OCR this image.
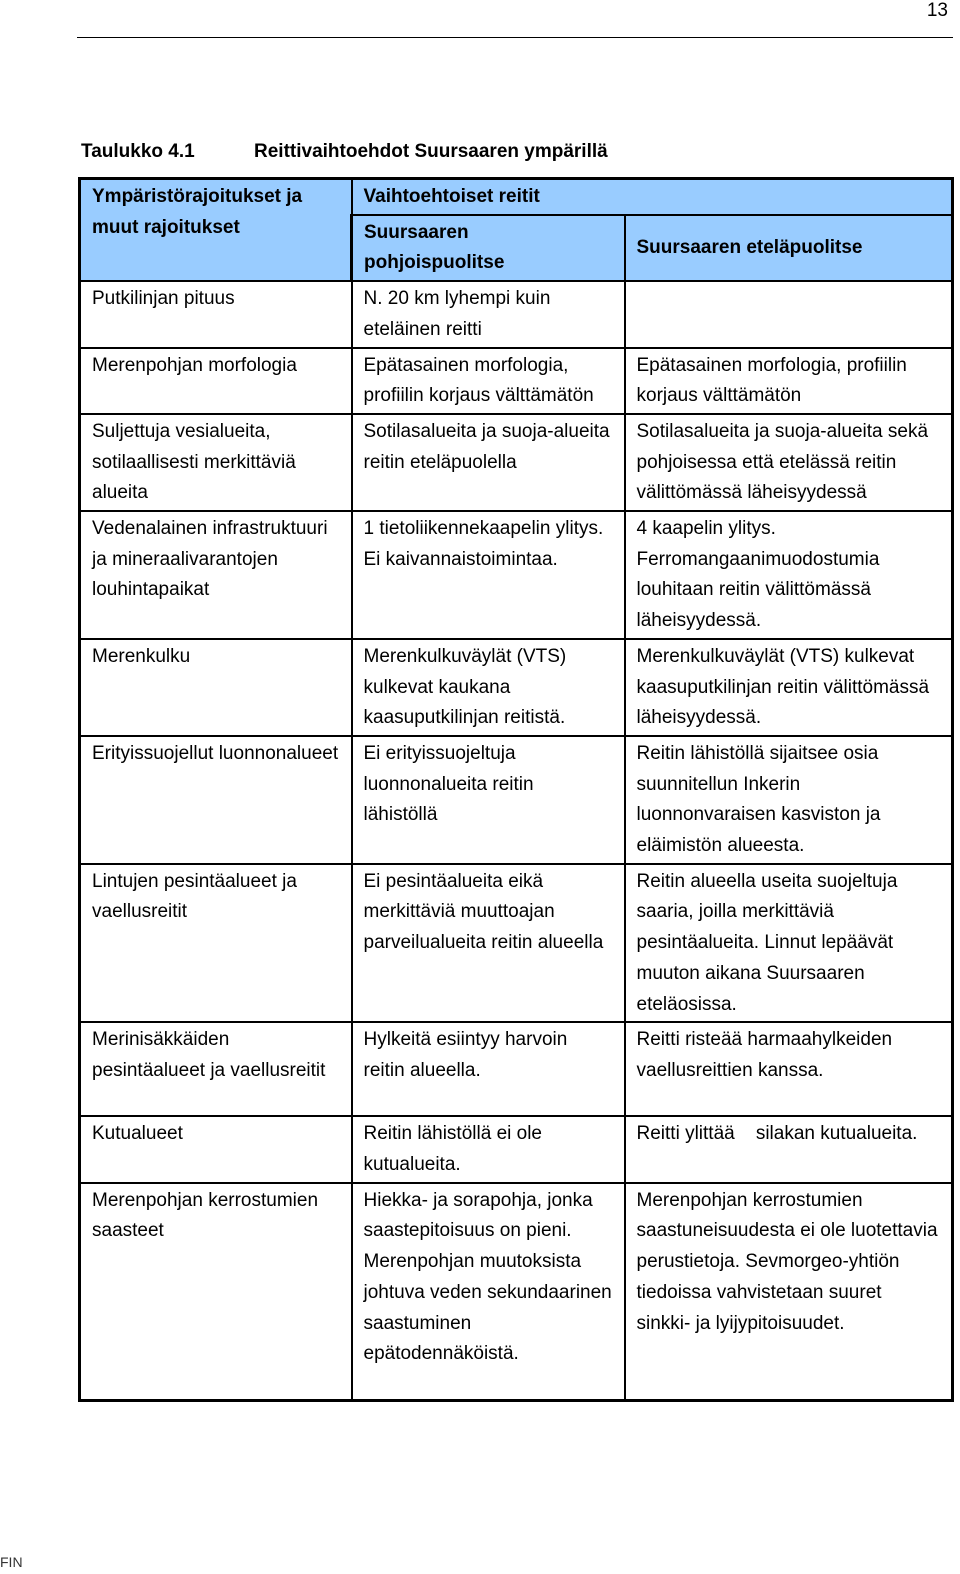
13
Taulukko 4.1	Reittivaihtoehdot Suursaaren ympärillä
Ympäristörajoitukset ja muut rajoitukset	Vaihtoehtoiset reitit	
	Suursaaren pohjoispuolitse	Suursaaren eteläpuolitse
Putkilinjan pituus	N. 20 km lyhempi kuin eteläinen reitti	
Merenpohjan morfologia	Epätasainen morfologia, profiilin korjaus välttämätön	Epätasainen morfologia, profiilin korjaus välttämätön
Suljettuja vesialueita, sotilaallisesti merkittäviä alueita	Sotilasalueita ja suoja-alueita reitin eteläpuolella	Sotilasalueita ja suoja-alueita sekä pohjoisessa että etelässä reitin välittömässä läheisyydessä
Vedenalainen infrastruktuuri ja mineraalivarantojen louhintapaikat	1 tietoliikennekaapelin ylitys. Ei kaivannaistoimintaa.	4 kaapelin ylitys. Ferromangaanimuodostumia louhitaan reitin välittömässä läheisyydessä.
Merenkulku	Merenkulkuväylät (VTS) kulkevat kaukana kaasuputkilinjan reitistä.	Merenkulkuväylät (VTS) kulkevat kaasuputkilinjan reitin välittömässä läheisyydessä.
Erityissuojellut luonnonalueet	Ei erityissuojeltuja luonnonalueita reitin lähistöllä	Reitin lähistöllä sijaitsee osia suunnitellun Inkerin luonnonvaraisen kasviston ja eläimistön alueesta.
Lintujen pesintäalueet ja vaellusreitit	Ei pesintäalueita eikä merkittäviä muuttoajan parveilualueita reitin alueella	Reitin alueella useita suojeltuja saaria, joilla merkittäviä pesintäalueita. Linnut lepäävät muuton aikana Suursaaren eteläosissa.
Merinisäkkäiden pesintäalueet ja vaellusreitit	Hylkeitä esiintyy harvoin reitin alueella.	Reitti risteää harmaahylkeiden vaellusreittien kanssa.
Kutualueet	Reitin lähistöllä ei ole kutualueita.	Reitti ylittää    silakan kutualueita.
Merenpohjan kerrostumien saasteet	Hiekka- ja sorapohja, jonka saastepitoisuus on pieni. Merenpohjan muutoksista johtuva veden sekundaarinen saastuminen epätodennäköistä.	Merenpohjan kerrostumien saastuneisuudesta ei ole luotettavia perustietoja. Sevmorgeo-yhtiön tiedoissa vahvistetaan suuret sinkki- ja lyijypitoisuudet.
FIN
